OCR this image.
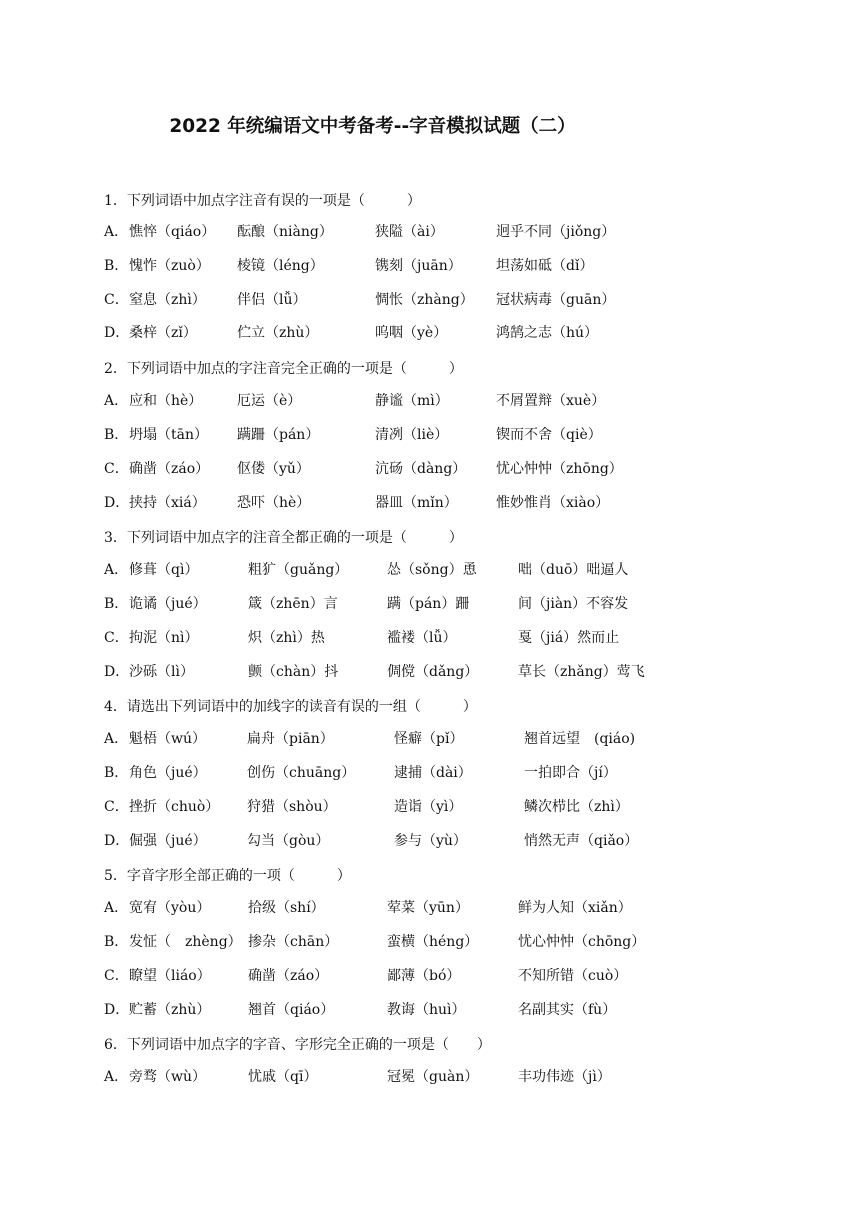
2022 年统编语文中考备考--字音模拟试题（二）
1．下列词语中加点字注音有误的一项是（　　　）
A． 憔悴（qiáo） 酝酿（niàng）	狭隘（ài）	迥乎不同（jiǒng）
B． 愧怍（zuò） 棱镜（léng）	镌刻（juān） 坦荡如砥（dǐ）
C． 窒息（zhì） 伴侣（lǚ）	惆怅（zhàng） 冠状病毒（guān）
D． 桑梓（zǐ）	伫立（zhù）	呜咽（yè）	鸿鹄之志（hú）
2．下列词语中加点的字注音完全正确的一项是（　　　）
A． 应和（hè） 厄运（è）	静谧（mì）	不屑置辩（xuè）
B． 坍塌（tān） 蹒跚（pán）	清冽（liè）	锲而不舍（qiè）
C． 确凿（záo） 伛偻（yǔ）	沆砀（dàng） 忧心忡忡（zhōng）
D． 挟持（xiá） 恐吓（hè）	器皿（mǐn）	惟妙惟肖（xiào）
3．下列词语中加点字的注音全都正确的一项是（　　　）
A． 修葺（qì）	粗犷（guǎng）	怂（sǒng）恿	咄（duō）咄逼人
B． 诡谲（jué）	箴（zhēn）言	蹒（pán）跚	间（jiàn）不容发
C． 拘泥（nì）	炽（zhì）热	褴褛（lǚ）	戛（jiá）然而止
D． 沙砾（lì）	颤（chàn）抖	倜傥（dǎng）	草长（zhǎng）莺飞
4．请选出下列词语中的加线字的读音有误的一组（　　　）
A． 魁梧（wú）	扁舟（piān）	怪癖（pǐ）	翘首远望　(qiáo)
B． 角色（jué）	创伤（chuāng）	逮捕（dài）	一拍即合（jí）
C． 挫折（chuò） 狩猎（shòu）	造诣（yì）	鳞次栉比（zhì）
D． 倔强（jué）	勾当（gòu）	参与（yù）	悄然无声（qiǎo）
5．字音字形全部正确的一项（　　　）
A． 宽宥（yòu）	拾级（shí）	荤菜（yūn）	鲜为人知（xiǎn）
B． 发怔（　zhèng） 掺杂（chān）	蛮横（héng）	忧心忡忡（chōng）
C． 瞭望（liáo）	确凿（záo）	鄙薄（bó）	不知所错（cuò）
D． 贮蓄（zhù）	翘首（qiáo）	教诲（huì）	名副其实（fù）
6．下列词语中加点字的字音、字形完全正确的一项是（　　）
A． 旁骛（wù）	忧戚（qī）	冠冕（guàn）	丰功伟迹（jì）
